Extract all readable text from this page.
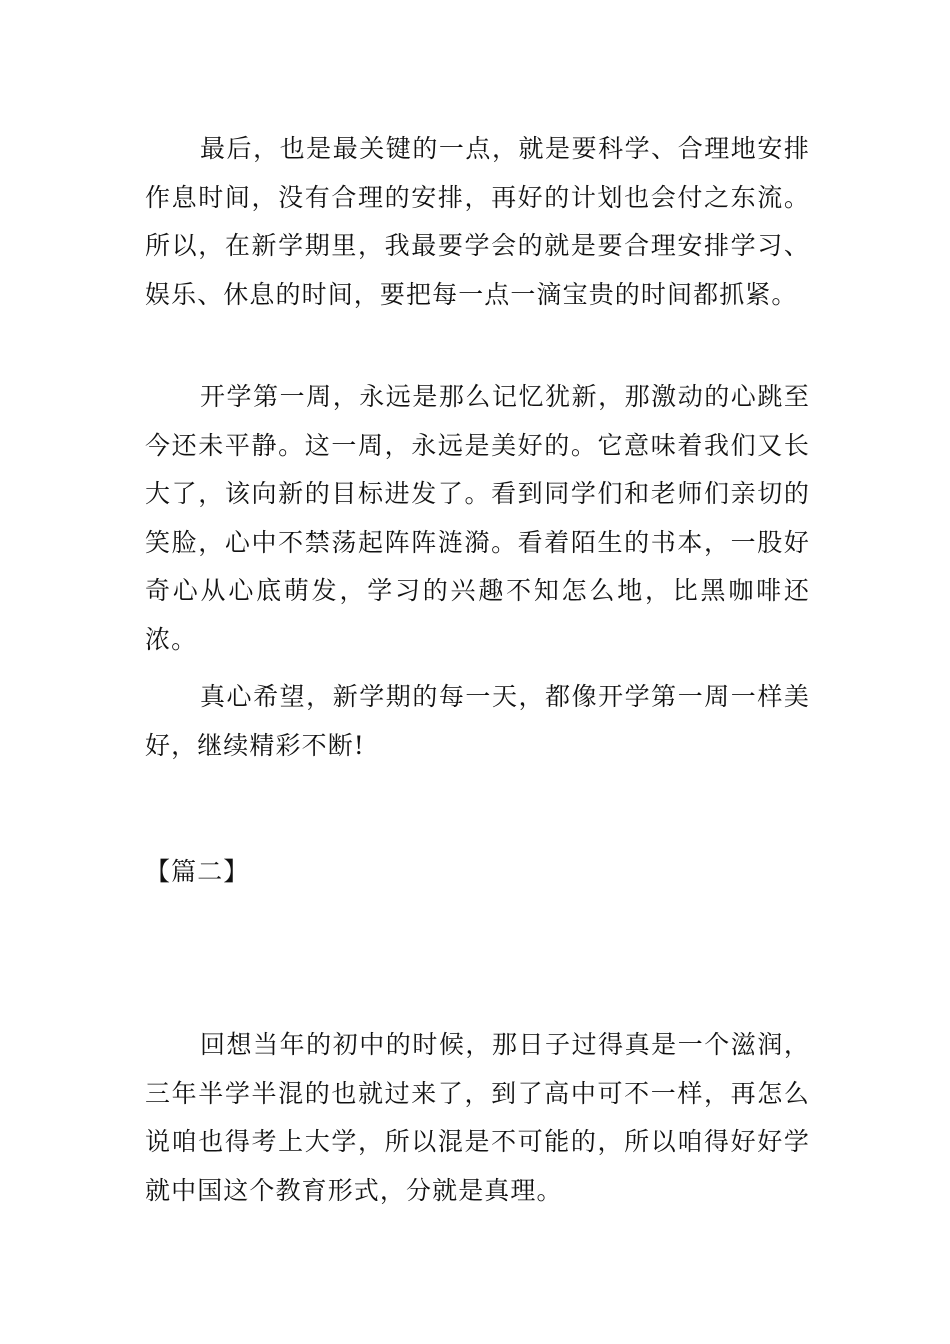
最后，也是最关键的一点，就是要科学、合理地安排作息时间，没有合理的安排，再好的计划也会付之东流。所以，在新学期里，我最要学会的就是要合理安排学习、娱乐、休息的时间，要把每一点一滴宝贵的时间都抓紧。

开学第一周，永远是那么记忆犹新，那激动的心跳至今还未平静。这一周，永远是美好的。它意味着我们又长大了，该向新的目标进发了。看到同学们和老师们亲切的笑脸，心中不禁荡起阵阵涟漪。看着陌生的书本，一股好奇心从心底萌发，学习的兴趣不知怎么地，比黑咖啡还浓。

真心希望，新学期的每一天，都像开学第一周一样美好，继续精彩不断!

【篇二】

回想当年的初中的时候，那日子过得真是一个滋润，三年半学半混的也就过来了，到了高中可不一样，再怎么说咱也得考上大学，所以混是不可能的，所以咱得好好学就中国这个教育形式，分就是真理。
